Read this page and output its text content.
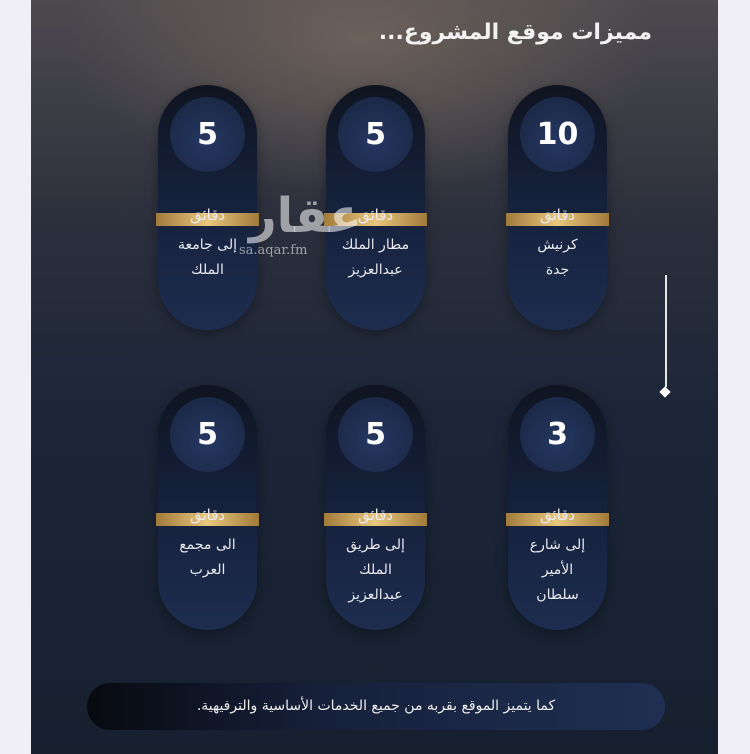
مميزات موقع المشروع...
10
دقائق
كرنيش
جدة
5
دقائق
مطار الملك
عبدالعزيز
5
دقائق
إلى جامعة
الملك
3
دقائق
إلى شارع
الأمير
سلطان
5
دقائق
إلى طريق
الملك
عبدالعزيز
5
دقائق
الى مجمع
العرب
عقار
sa.aqar.fm
كما يتميز الموقع بقربه من جميع الخدمات الأساسية والترفيهية.
